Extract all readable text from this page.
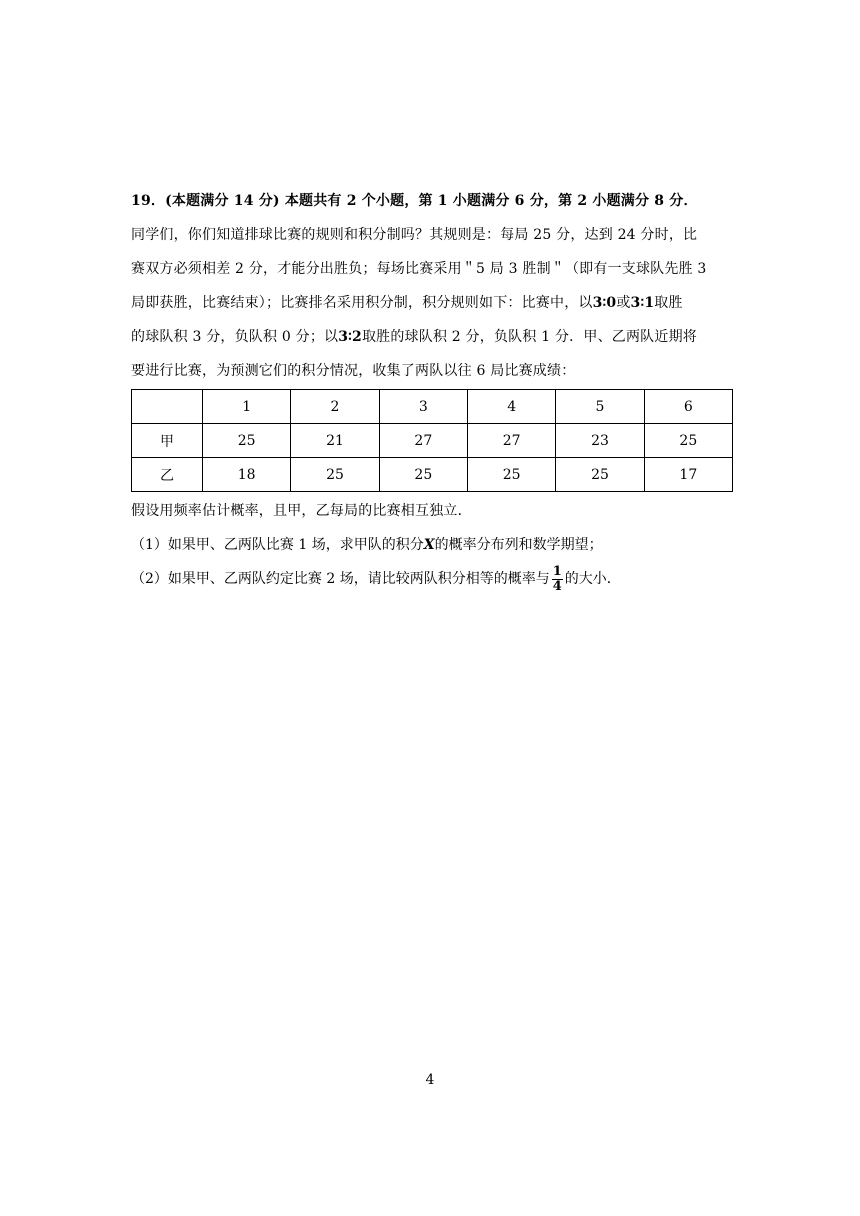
19．(本题满分 14 分) 本题共有 2 个小题，第 1 小题满分 6 分，第 2 小题满分 8 分．
同学们，你们知道排球比赛的规则和积分制吗？其规则是：每局 25 分，达到 24 分时，比
赛双方必须相差 2 分，才能分出胜负；每场比赛采用＂5 局 3 胜制＂（即有一支球队先胜 3
局即获胜，比赛结束）；比赛排名采用积分制，积分规则如下：比赛中，以3∶0或3∶1取胜
的球队积 3 分，负队积 0 分；以3∶2取胜的球队积 2 分，负队积 1 分．甲、乙两队近期将
要进行比赛，为预测它们的积分情况，收集了两队以往 6 局比赛成绩：
	1	2	3	4	5	6
甲	25	21	27	27	23	25
乙	18	25	25	25	25	17
假设用频率估计概率，且甲，乙每局的比赛相互独立．
（1）如果甲、乙两队比赛 1 场，求甲队的积分X的概率分布列和数学期望；
（2）如果甲、乙两队约定比赛 2 场，请比较两队积分相等的概率与 $\frac{1}{4}$ 的大小．
4
